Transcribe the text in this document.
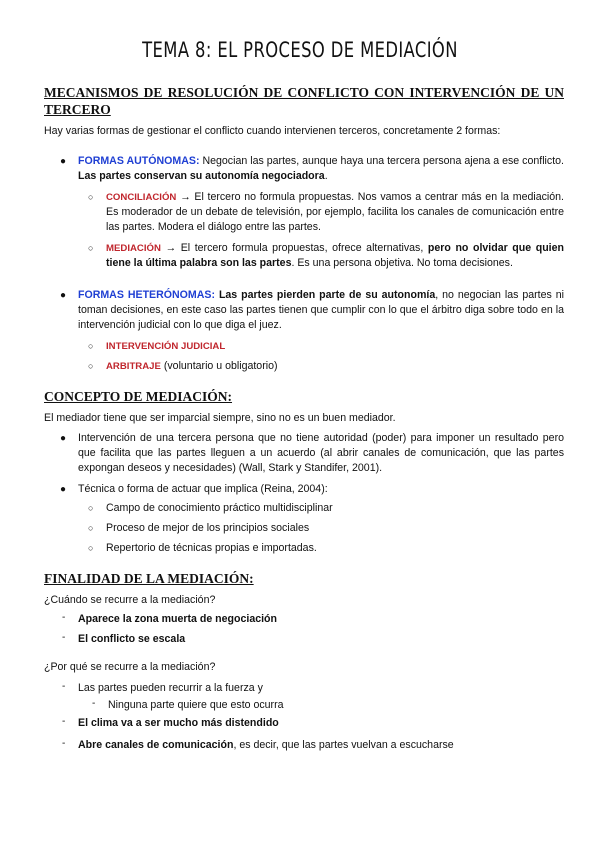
TEMA 8: EL PROCESO DE MEDIACIÓN
MECANISMOS DE RESOLUCIÓN DE CONFLICTO CON INTERVENCIÓN DE UN
TERCERO
Hay varias formas de gestionar el conflicto cuando intervienen terceros, concretamente 2 formas:
● FORMAS AUTÓNOMAS: Negocian las partes, aunque haya una tercera persona ajena a ese conflicto. Las partes conservan su autonomía negociadora.
○ CONCILIACIÓN → El tercero no formula propuestas. Nos vamos a centrar más en la mediación. Es moderador de un debate de televisión, por ejemplo, facilita los canales de comunicación entre las partes. Modera el diálogo entre las partes.
○ MEDIACIÓN → El tercero formula propuestas, ofrece alternativas, pero no olvidar que quien tiene la última palabra son las partes. Es una persona objetiva. No toma decisiones.
● FORMAS HETERÓNOMAS: Las partes pierden parte de su autonomía, no negocian las partes ni toman decisiones, en este caso las partes tienen que cumplir con lo que el árbitro diga sobre todo en la intervención judicial con lo que diga el juez.
○ INTERVENCIÓN JUDICIAL
○ ARBITRAJE (voluntario u obligatorio)
CONCEPTO DE MEDIACIÓN:
El mediador tiene que ser imparcial siempre, sino no es un buen mediador.
● Intervención de una tercera persona que no tiene autoridad (poder) para imponer un resultado pero que facilita que las partes lleguen a un acuerdo (al abrir canales de comunicación, que las partes expongan deseos y necesidades) (Wall, Stark y Standifer, 2001).
● Técnica o forma de actuar que implica (Reina, 2004):
○ Campo de conocimiento práctico multidisciplinar
○ Proceso de mejor de los principios sociales
○ Repertorio de técnicas propias e importadas.
FINALIDAD DE LA MEDIACIÓN:
¿Cuándo se recurre a la mediación?
- Aparece la zona muerta de negociación
- El conflicto se escala
¿Por qué se recurre a la mediación?
- Las partes pueden recurrir a la fuerza y
- Ninguna parte quiere que esto ocurra
- El clima va a ser mucho más distendido
- Abre canales de comunicación, es decir, que las partes vuelvan a escucharse
